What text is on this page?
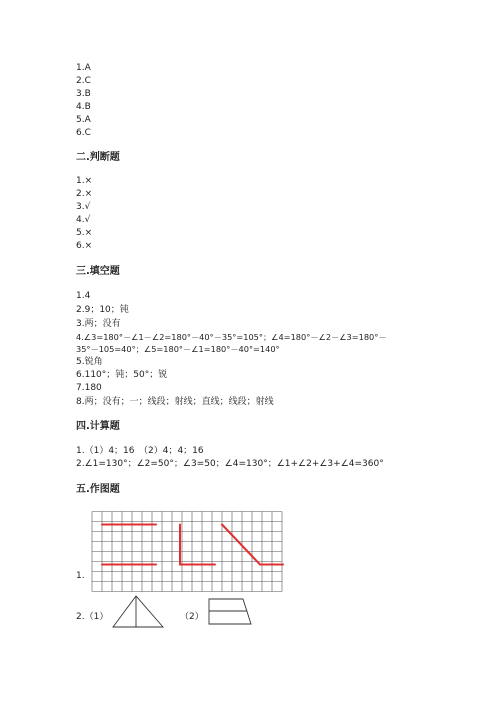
1.A
2.C
3.B
4.B
5.A
6.C
二.判断题
1.×
2.×
3.√
4.√
5.×
6.×
三.填空题
1.4
2.9；10；钝
3.两；没有
4.∠3=180°－∠1－∠2=180°－40°－35°=105°；∠4=180°－∠2－∠3=180°－
35°－105=40°；∠5=180°－∠1=180°－40°=140°
5.锐角
6.110°；钝；50°；锐
7.180
8.两；没有；一；线段；射线；直线；线段；射线
四.计算题
1.（1）4；16　（2）4；4；16
2.∠1=130°；∠2=50°；∠3=50；∠4=130°；∠1+∠2+∠3+∠4=360°
五.作图题
1.
2.（1）	（2）
